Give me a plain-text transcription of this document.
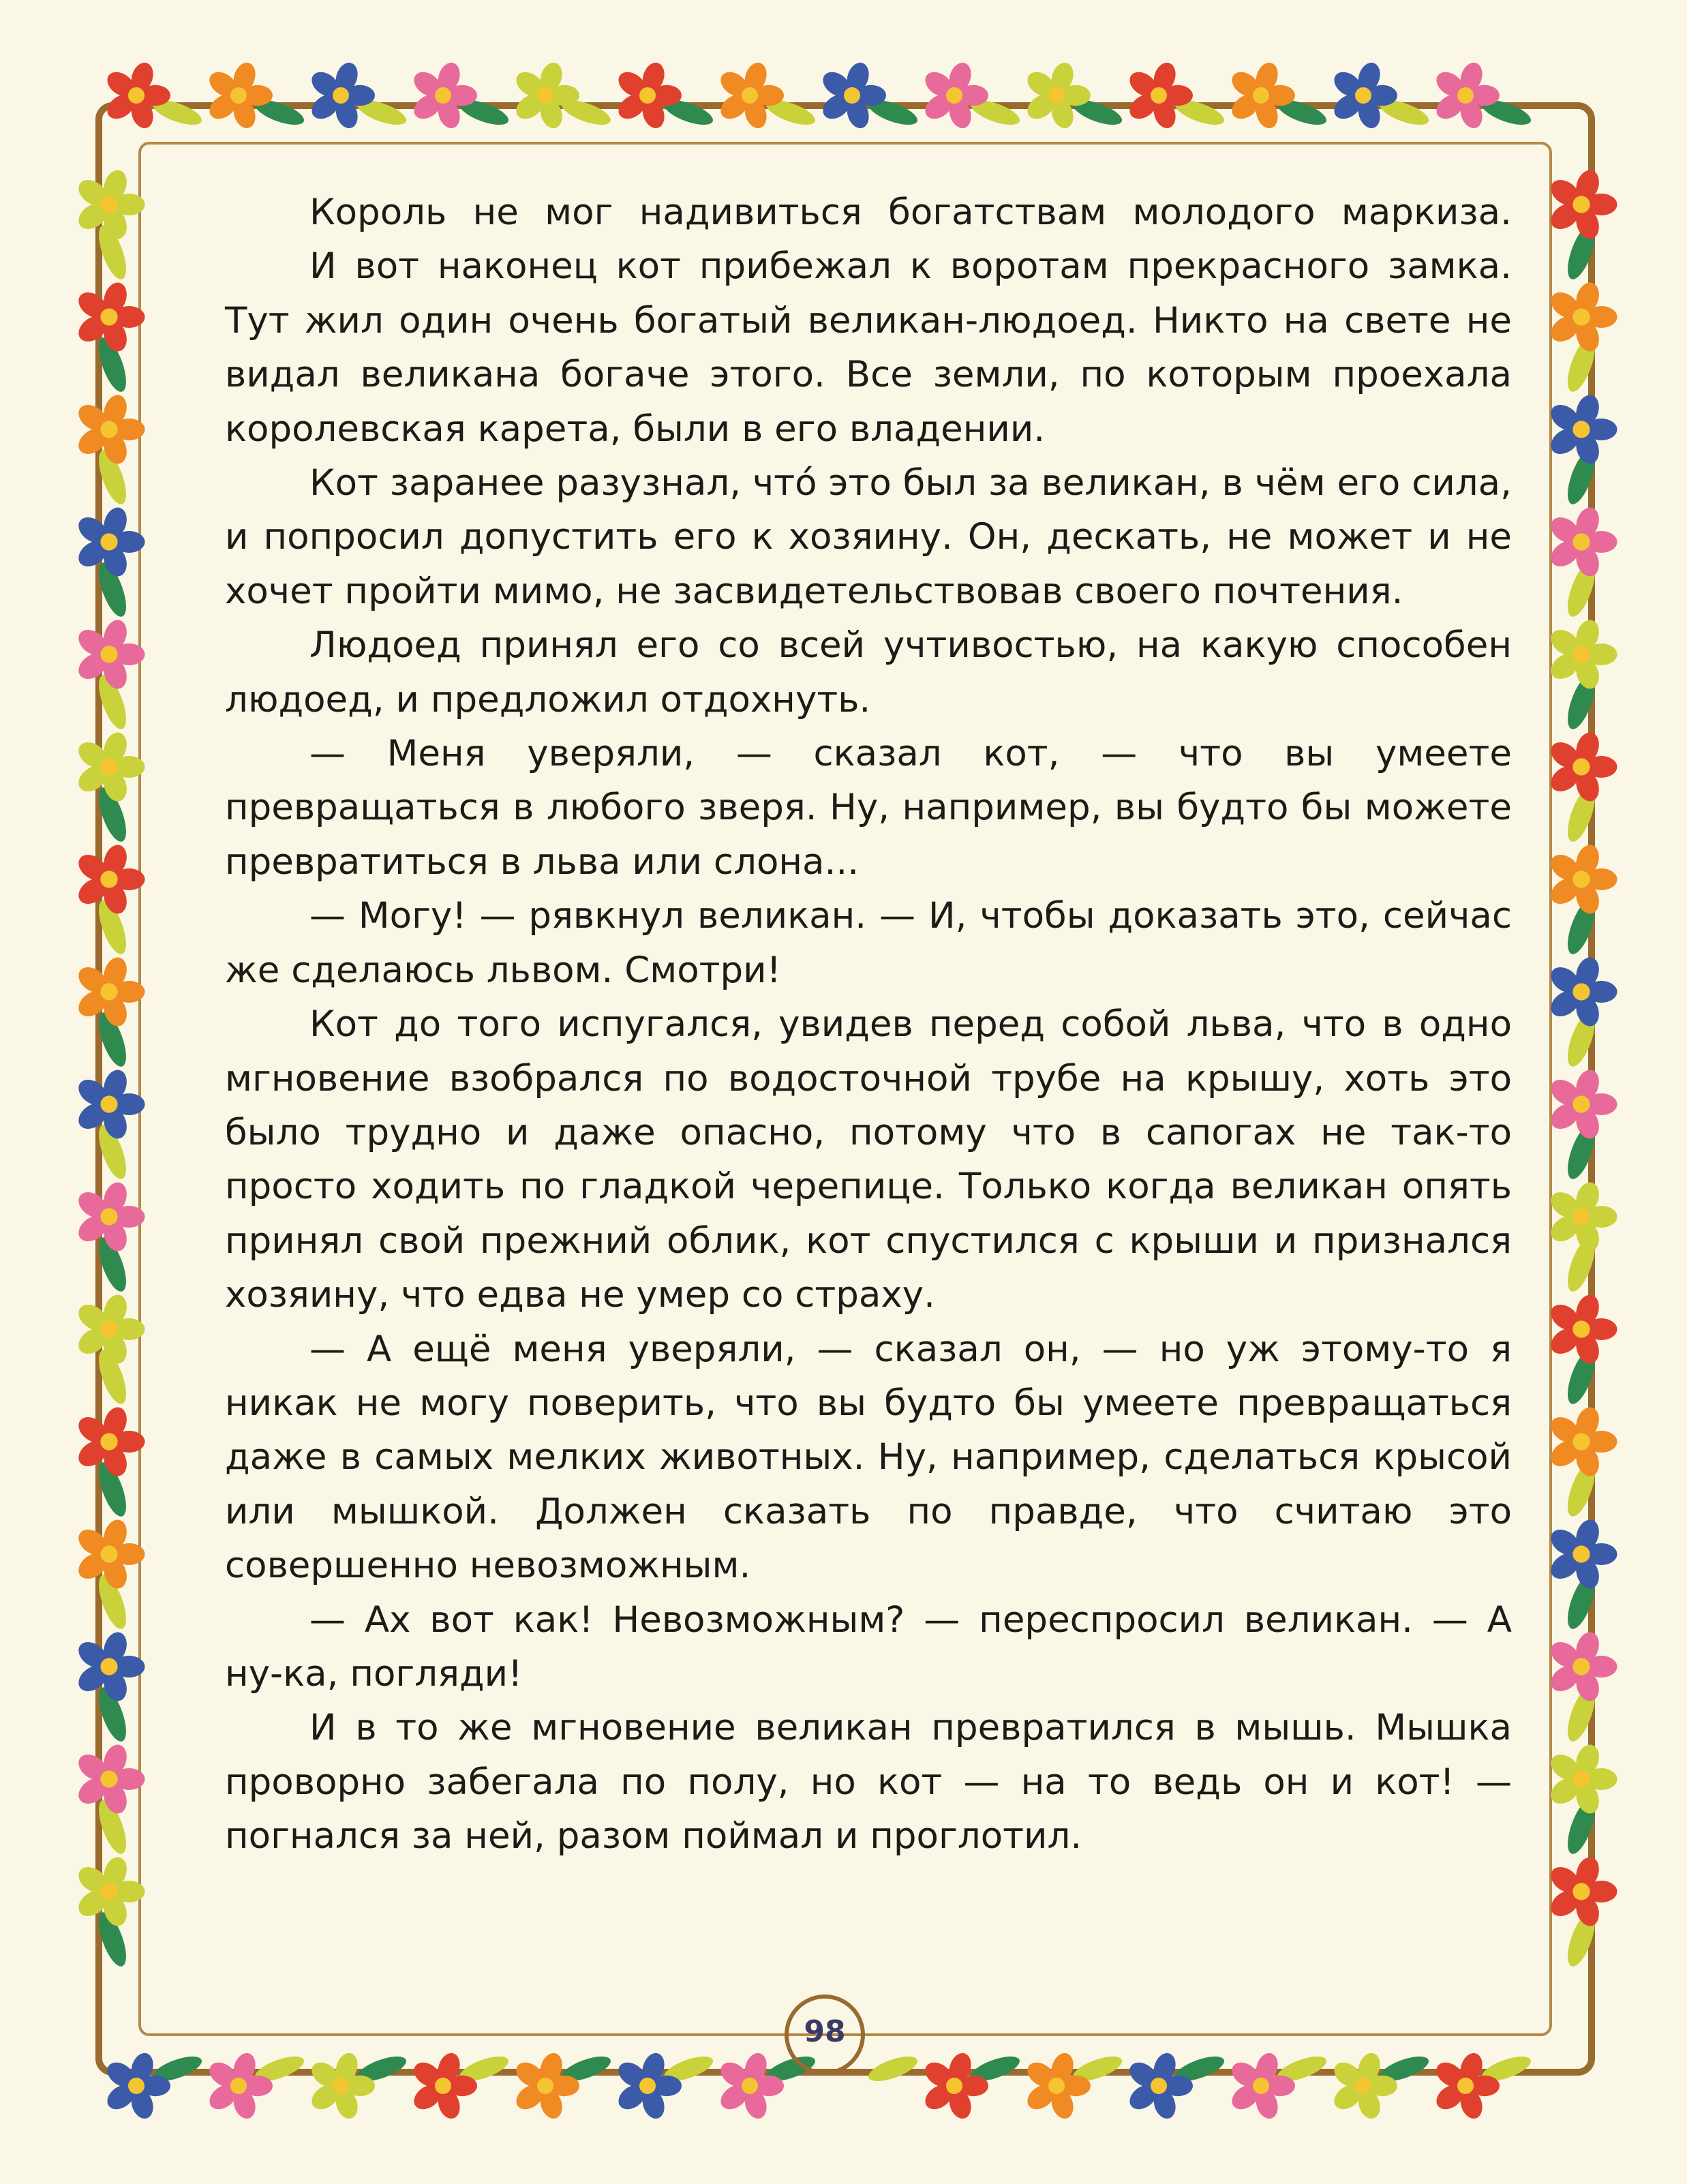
Король не мог надивиться богатствам молодого маркиза.

И вот наконец кот прибежал к воротам прекрасного замка. Тут жил один очень богатый великан-людоед. Никто на свете не видал великана богаче этого. Все земли, по которым проехала королевская карета, были в его владении.

Кот заранее разузнал, что́ это был за великан, в чём его сила, и попросил допустить его к хозяину. Он, дескать, не может и не хочет пройти мимо, не засвидетельствовав своего почтения.

Людоед принял его со всей учтивостью, на какую способен людоед, и предложил отдохнуть.

— Меня уверяли, — сказал кот, — что вы умеете превращаться в любого зверя. Ну, например, вы будто бы можете превратиться в льва или слона...

— Могу! — рявкнул великан. — И, чтобы доказать это, сейчас же сделаюсь львом. Смотри!

Кот до того испугался, увидев перед собой льва, что в одно мгновение взобрался по водосточной трубе на крышу, хоть это было трудно и даже опасно, потому что в сапогах не так-то просто ходить по гладкой черепице. Только когда великан опять принял свой прежний облик, кот спустился с крыши и признался хозяину, что едва не умер со страху.

— А ещё меня уверяли, — сказал он, — но уж этому-то я никак не могу поверить, что вы будто бы умеете превращаться даже в самых мелких животных. Ну, например, сделаться крысой или мышкой. Должен сказать по правде, что считаю это совершенно невозможным.

— Ах вот как! Невозможным? — переспросил великан. — А ну-ка, погляди!

И в то же мгновение великан превратился в мышь. Мышка проворно забегала по полу, но кот — на то ведь он и кот! — погнался за ней, разом поймал и проглотил.

98
